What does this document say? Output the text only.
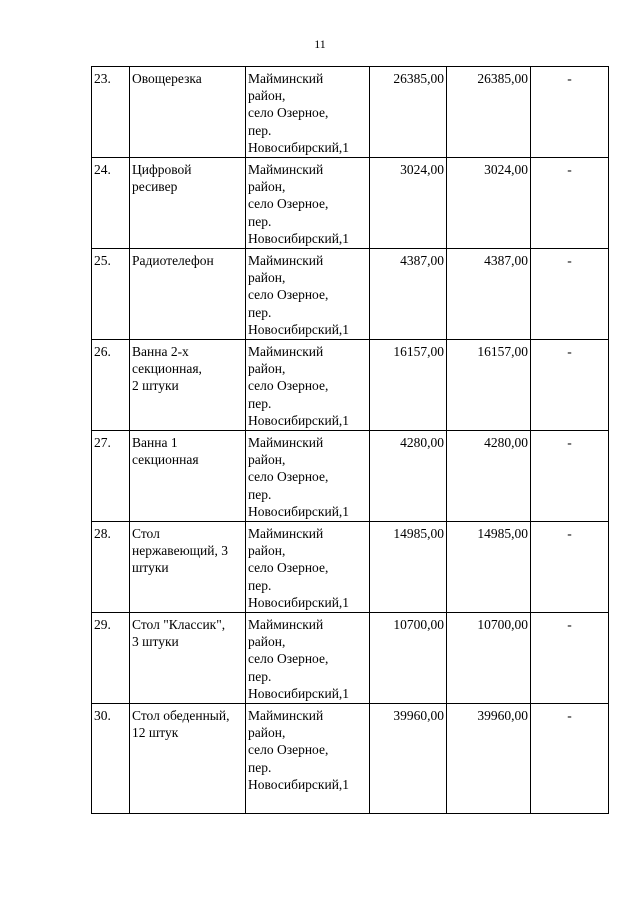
11
23.	Овощерезка	Майминский
район,
село Озерное,
пер.
Новосибирский,1	26385,00	26385,00	-
24.	Цифровой
ресивер	Майминский
район,
село Озерное,
пер.
Новосибирский,1	3024,00	3024,00	-
25.	Радиотелефон	Майминский
район,
село Озерное,
пер.
Новосибирский,1	4387,00	4387,00	-
26.	Ванна 2-х
секционная,
2 штуки	Майминский
район,
село Озерное,
пер.
Новосибирский,1	16157,00	16157,00	-
27.	Ванна 1
секционная	Майминский
район,
село Озерное,
пер.
Новосибирский,1	4280,00	4280,00	-
28.	Стол
нержавеющий, 3
штуки	Майминский
район,
село Озерное,
пер.
Новосибирский,1	14985,00	14985,00	-
29.	Стол "Классик",
3 штуки	Майминский
район,
село Озерное,
пер.
Новосибирский,1	10700,00	10700,00	-
30.	Стол обеденный,
12 штук	Майминский
район,
село Озерное,
пер.
Новосибирский,1	39960,00	39960,00	-
